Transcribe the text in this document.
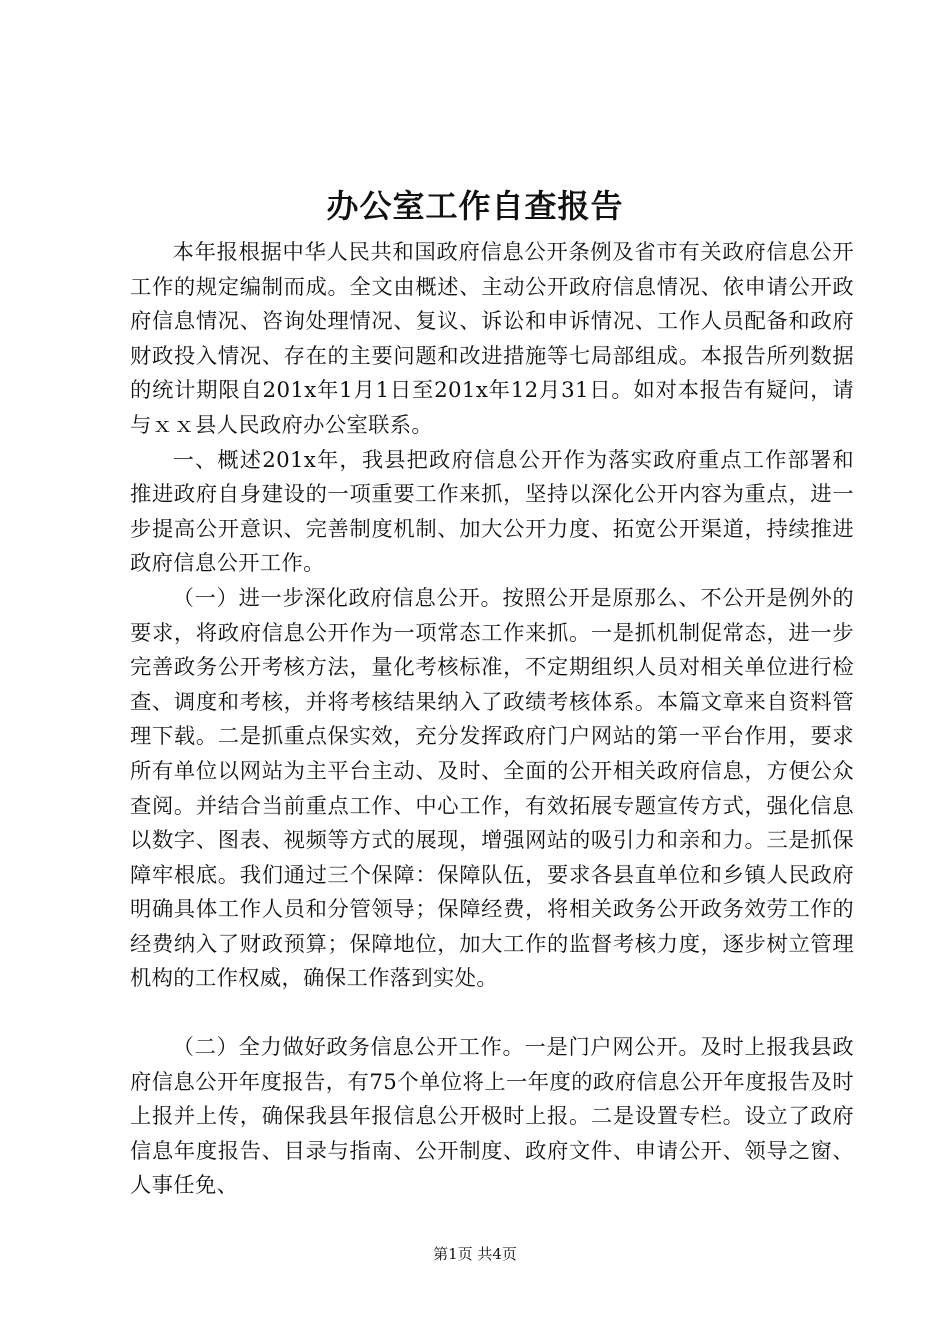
办公室工作自查报告

本年报根据中华人民共和国政府信息公开条例及省市有关政府信息公开工作的规定编制而成。全文由概述、主动公开政府信息情况、依申请公开政府信息情况、咨询处理情况、复议、诉讼和申诉情况、工作人员配备和政府财政投入情况、存在的主要问题和改进措施等七局部组成。本报告所列数据的统计期限自201x年1月1日至201x年12月31日。如对本报告有疑问，请与ｘｘ县人民政府办公室联系。

一、概述201x年，我县把政府信息公开作为落实政府重点工作部署和推进政府自身建设的一项重要工作来抓，坚持以深化公开内容为重点，进一步提高公开意识、完善制度机制、加大公开力度、拓宽公开渠道，持续推进政府信息公开工作。

（一）进一步深化政府信息公开。按照公开是原那么、不公开是例外的要求，将政府信息公开作为一项常态工作来抓。一是抓机制促常态，进一步完善政务公开考核方法，量化考核标准，不定期组织人员对相关单位进行检查、调度和考核，并将考核结果纳入了政绩考核体系。本篇文章来自资料管理下载。二是抓重点保实效，充分发挥政府门户网站的第一平台作用，要求所有单位以网站为主平台主动、及时、全面的公开相关政府信息，方便公众查阅。并结合当前重点工作、中心工作，有效拓展专题宣传方式，强化信息以数字、图表、视频等方式的展现，增强网站的吸引力和亲和力。三是抓保障牢根底。我们通过三个保障：保障队伍，要求各县直单位和乡镇人民政府明确具体工作人员和分管领导；保障经费，将相关政务公开政务效劳工作的经费纳入了财政预算；保障地位，加大工作的监督考核力度，逐步树立管理机构的工作权威，确保工作落到实处。

（二）全力做好政务信息公开工作。一是门户网公开。及时上报我县政府信息公开年度报告，有75个单位将上一年度的政府信息公开年度报告及时上报并上传，确保我县年报信息公开极时上报。二是设置专栏。设立了政府信息年度报告、目录与指南、公开制度、政府文件、申请公开、领导之窗、人事任免、

第1页 共4页
